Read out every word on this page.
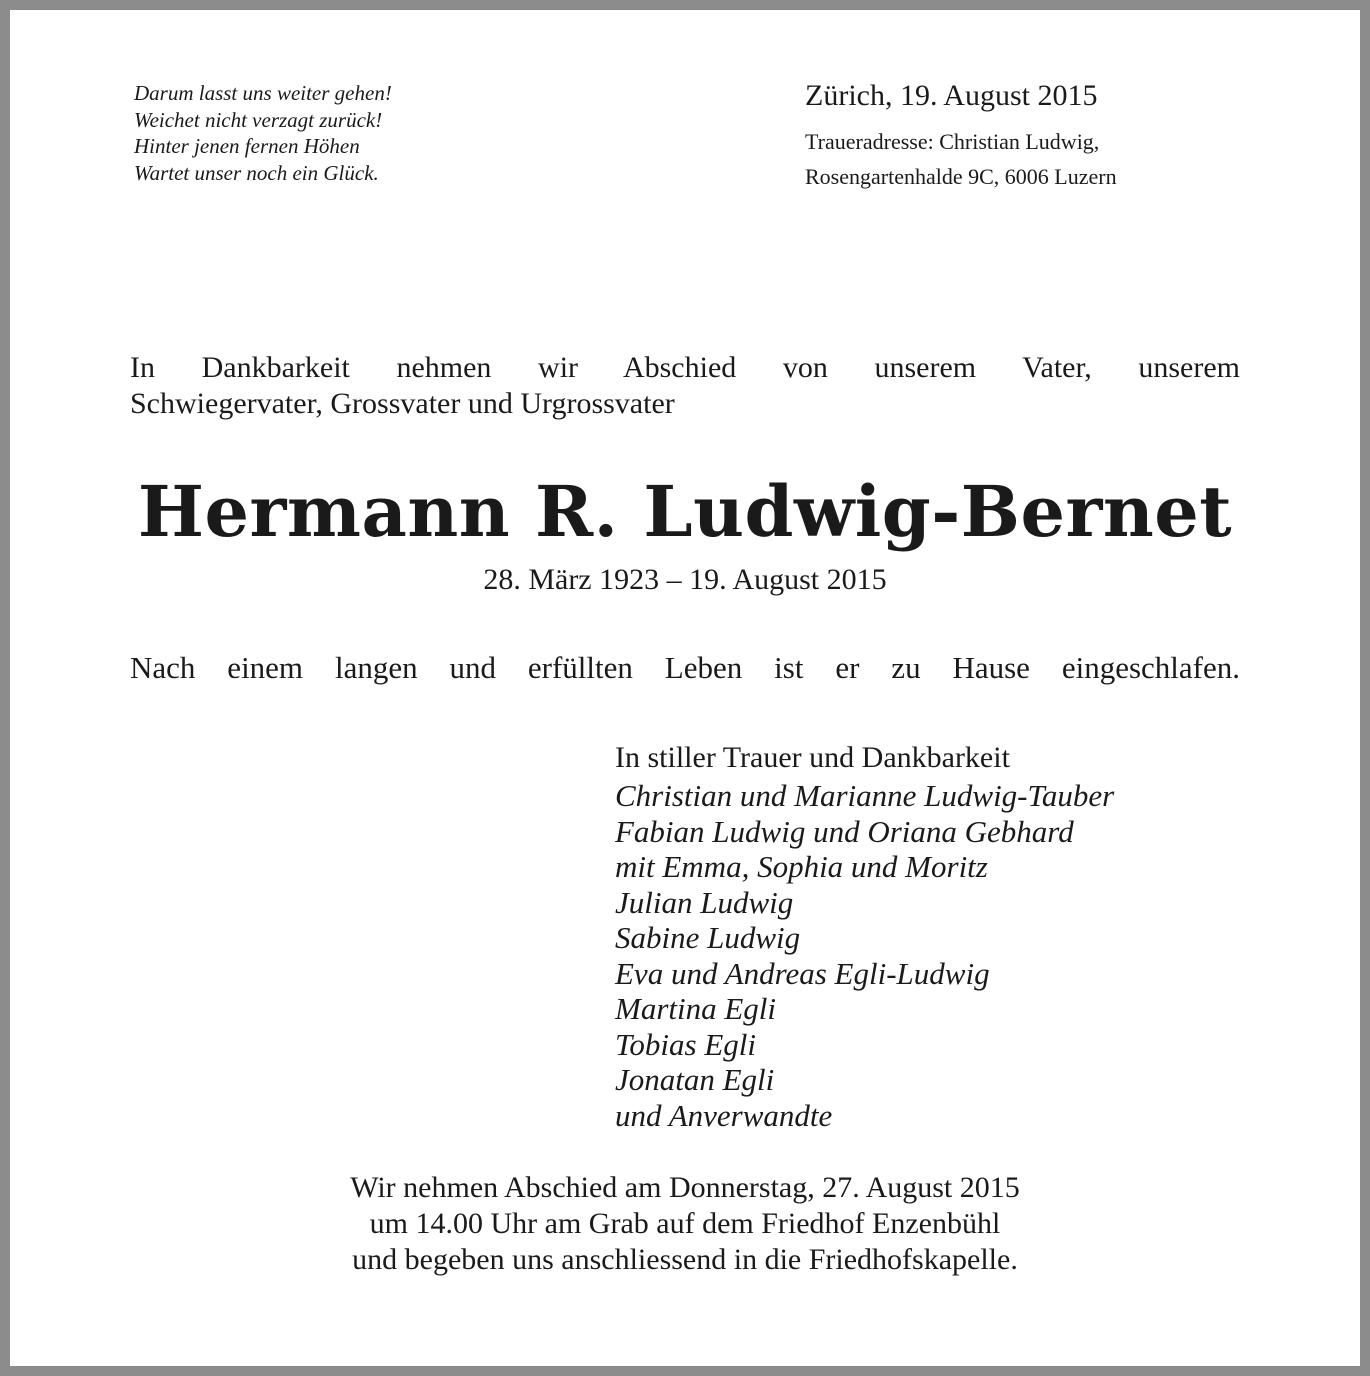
Darum lasst uns weiter gehen!
Weichet nicht verzagt zurück!
Hinter jenen fernen Höhen
Wartet unser noch ein Glück.
Zürich, 19. August 2015
Traueradresse: Christian Ludwig,
Rosengartenhalde 9C, 6006 Luzern
In Dankbarkeit nehmen wir Abschied von unserem Vater, unserem
Schwiegervater, Grossvater und Urgrossvater
Hermann R. Ludwig-Bernet
28. März 1923 – 19. August 2015
Nach einem langen und erfüllten Leben ist er zu Hause eingeschlafen.
In stiller Trauer und Dankbarkeit
Christian und Marianne Ludwig-Tauber
Fabian Ludwig und Oriana Gebhard
mit Emma, Sophia und Moritz
Julian Ludwig
Sabine Ludwig
Eva und Andreas Egli-Ludwig
Martina Egli
Tobias Egli
Jonatan Egli
und Anverwandte
Wir nehmen Abschied am Donnerstag, 27. August 2015
um 14.00 Uhr am Grab auf dem Friedhof Enzenbühl
und begeben uns anschliessend in die Friedhofskapelle.
